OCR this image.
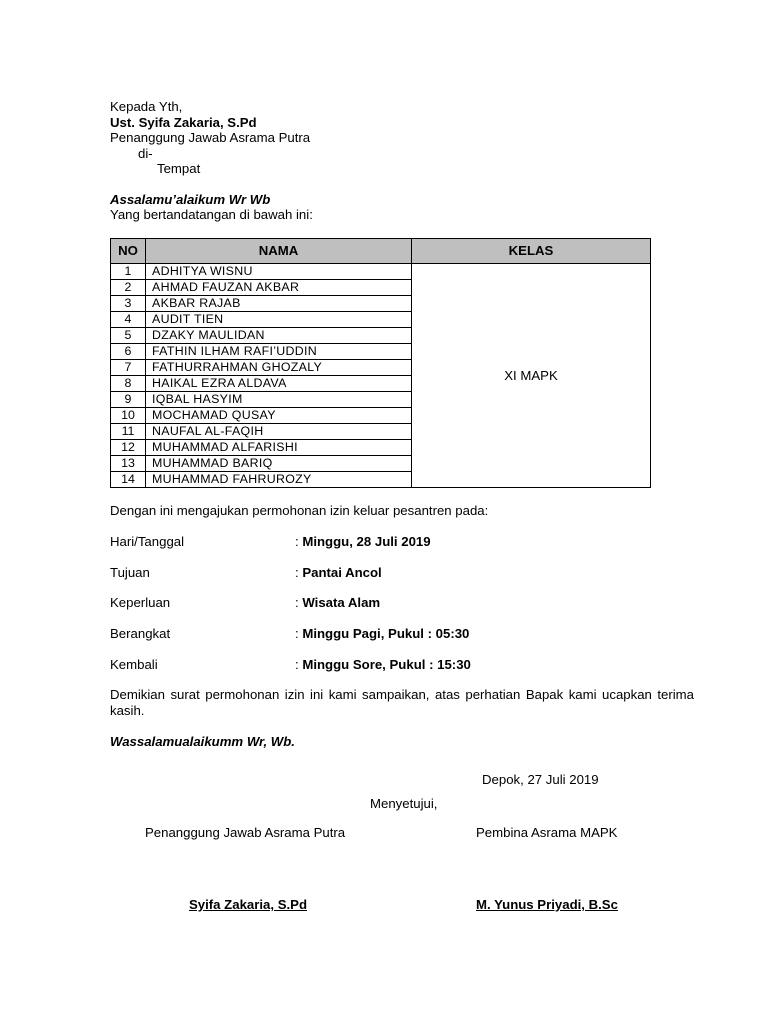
Kepada Yth,
Ust. Syifa Zakaria, S.Pd
Penanggung Jawab Asrama Putra
di-
Tempat
Assalamu’alaikum Wr Wb
Yang bertandatangan di bawah ini:
NO	NAMA	KELAS
1	ADHITYA WISNU	XI MAPK
2	AHMAD FAUZAN AKBAR	
3	AKBAR RAJAB	
4	AUDIT TIEN	
5	DZAKY MAULIDAN	
6	FATHIN ILHAM RAFI’UDDIN	
7	FATHURRAHMAN GHOZALY	
8	HAIKAL EZRA ALDAVA	
9	IQBAL HASYIM	
10	MOCHAMAD QUSAY	
11	NAUFAL AL-FAQIH	
12	MUHAMMAD ALFARISHI	
13	MUHAMMAD BARIQ	
14	MUHAMMAD FAHRUROZY	
Dengan ini mengajukan permohonan izin keluar pesantren pada:
Hari/Tanggal	: Minggu, 28 Juli 2019
Tujuan	: Pantai Ancol
Keperluan	: Wisata Alam
Berangkat	: Minggu Pagi, Pukul : 05:30
Kembali	: Minggu Sore, Pukul : 15:30
Demikian surat permohonan izin ini kami sampaikan, atas perhatian Bapak kami ucapkan terima kasih.
Wassalamualaikumm Wr, Wb.
Depok, 27 Juli 2019
Menyetujui,
Penanggung Jawab Asrama Putra	Pembina Asrama MAPK
Syifa Zakaria, S.Pd	M. Yunus Priyadi, B.Sc
